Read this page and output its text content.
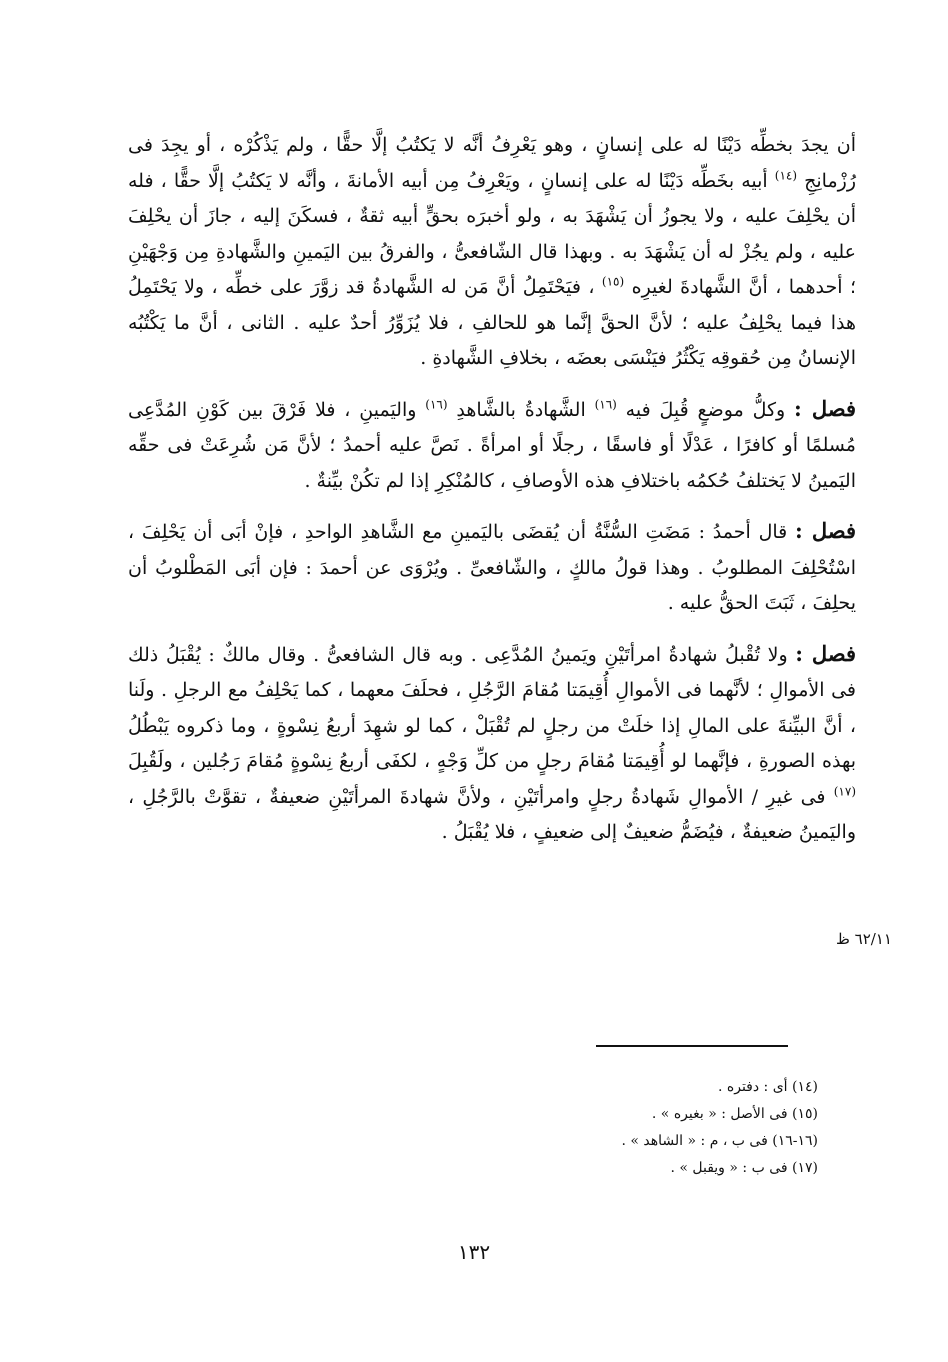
أن يجدَ بخطِّه دَيْنًا له على إنسانٍ ، وهو يَعْرِفُ أنَّه لا يَكتُبُ إلَّا حقًّا ، ولم يَذْكُرْه ، أو يجِدَ فى رُزْمانِجِ $^{(١٤)}$ أبيه بخَطِّه دَيْنًا له على إنسانٍ ، ويَعْرِفُ مِن أبيه الأمانةَ ، وأنَّه لا يَكتُبُ إلَّا حقًّا ، فله أن يحْلِفَ عليه ، ولا يجوزُ أن يَشْهَدَ به ، ولو أخبرَه بحقٍّ أبيه ثقةٌ ، فسكَنَ إليه ، جازَ أن يحْلِفَ عليه ، ولم يجُزْ له أن يَشْهَدَ به . وبهذا قال الشّافعىُّ ، والفرقُ بين اليَمينِ والشَّهادةِ مِن وَجْهَيْنِ ؛ أحدهما ، أنَّ الشَّهادةَ لغيرِه $^{(١٥)}$ ، فيَحْتَمِلُ أنَّ مَن له الشَّهادةُ قد زوَّرَ على خطِّه ، ولا يَحْتَمِلُ هذا فيما يحْلِفُ عليه ؛ لأنَّ الحقَّ إنَّما هو للحالفِ ، فلا يُزَوِّرُ أحدٌ عليه . الثانى ، أنَّ ما يَكْتُبُه الإنسانُ مِن حُقوقِه يَكْثُرُ فيَنْسَى بعضَه ، بخلافِ الشَّهادةِ .

فصل : وكلُّ موضعٍ قُبِلَ فيه $^{(١٦)}$ الشَّهادةُ بالشَّاهدِ $^{(١٦)}$ واليَمينِ ، فلا فَرْقَ بين كَوْنِ المُدَّعِى مُسلمًا أو كافرًا ، عَدْلًا أو فاسقًا ، رجلًا أو امرأةً . نَصَّ عليه أحمدُ ؛ لأنَّ مَن شُرِعَتْ فى حقِّه اليَمينُ لا يَختلفُ حُكمُه باختلافِ هذه الأوصافِ ، كالمُنْكِرِ إذا لم تكُنْ بيِّنةٌ .

فصل : قال أحمدُ : مَضَتِ السُّنَّةُ أن يُقضَى باليَمينِ مع الشَّاهدِ الواحدِ ، فإنْ أبَى أن يَحْلِفَ ، اسْتُحْلِفَ المطلوبُ . وهذا قولُ مالكٍ ، والشّافعىِّ . ويُرْوَى عن أحمدَ : فإن أبَى المَطْلوبُ أن يحلِفَ ، ثَبَتَ الحقُّ عليه .

فصل : ولا تُقْبلُ شهادةُ امرأتَيْنِ ويَمينُ المُدَّعِى . وبه قال الشافعىُّ . وقال مالكٌ : يُقْبَلُ ذلك فى الأموالِ ؛ لأنَّهما فى الأموالِ أُقِيمَتا مُقامَ الرَّجُلِ ، فحلَفَ معهما ، كما يَحْلِفُ مع الرجلِ . ولَنا ، أنَّ البيِّنةَ على المالِ إذا خلَتْ من رجلٍ لم تُقْبَلْ ، كما لو شهِدَ أربعُ نِسْوةٍ ، وما ذكروه يَبْطُلُ بهذه الصورةِ ، فإنَّهما لو أُقِيمَتا مُقامَ رجلٍ من كلِّ وَجْهٍ ، لكفَى أربعُ نِسْوةٍ مُقامَ رَجُلين ، ولَقُبِلَ $^{(١٧)}$ فى غيرِ / الأموالِ شَهادةُ رجلٍ وامرأتَيْنِ ، ولأنَّ شهادةَ المرأتَيْنِ ضعيفةٌ ، تقوَّتْ بالرَّجُلِ ، واليَمينُ ضعيفةٌ ، فيُضَمُّ ضعيفٌ إلى ضعيفٍ ، فلا يُقْبَلُ .

٦٢/١١ ظ
(١٤) أى : دفتره .
(١٥) فى الأصل : « بغيره » .
(١٦-١٦) فى ب ، م : « الشاهد » .
(١٧) فى ب : « ويقبل » .
١٣٢
